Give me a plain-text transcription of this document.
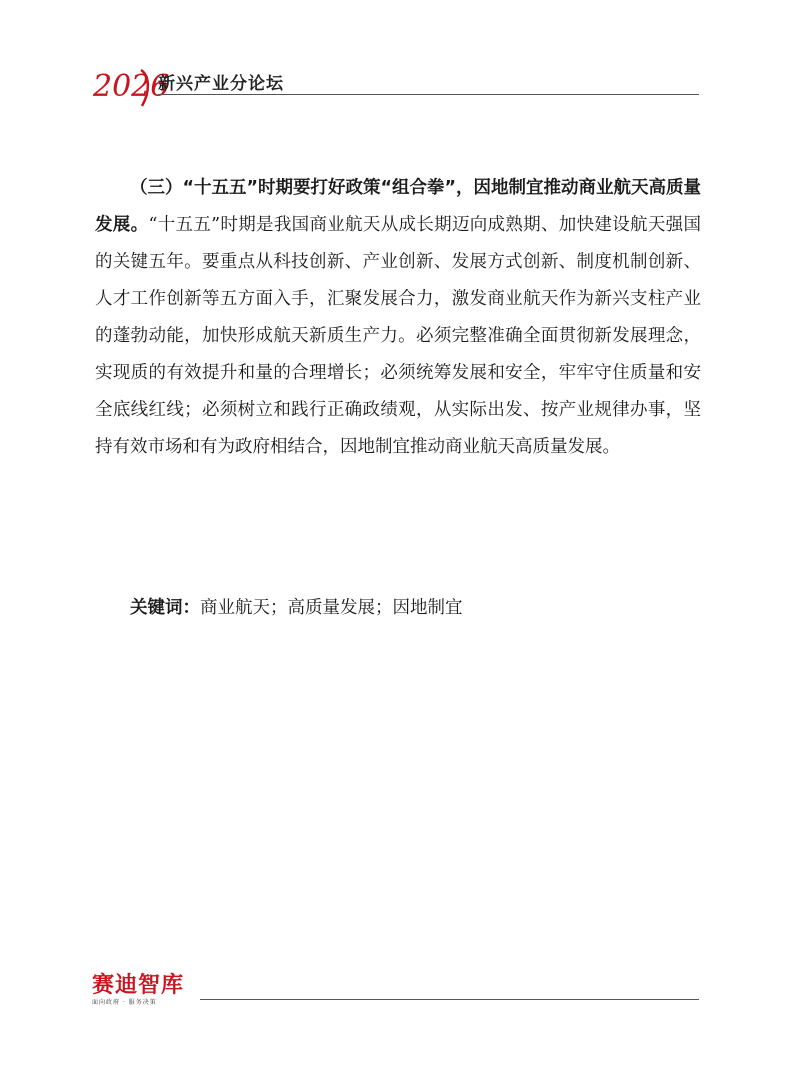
2026
新兴产业分论坛

（三）“十五五”时期要打好政策“组合拳”，因地制宜推动商业航天高质量发展。“十五五”时期是我国商业航天从成长期迈向成熟期、加快建设航天强国的关键五年。要重点从科技创新、产业创新、发展方式创新、制度机制创新、人才工作创新等五方面入手，汇聚发展合力，激发商业航天作为新兴支柱产业的蓬勃动能，加快形成航天新质生产力。必须完整准确全面贯彻新发展理念，实现质的有效提升和量的合理增长；必须统筹发展和安全，牢牢守住质量和安全底线红线；必须树立和践行正确政绩观，从实际出发、按产业规律办事，坚持有效市场和有为政府相结合，因地制宜推动商业航天高质量发展。

关键词：商业航天；高质量发展；因地制宜

赛迪智库
面向政府 · 服务决策
